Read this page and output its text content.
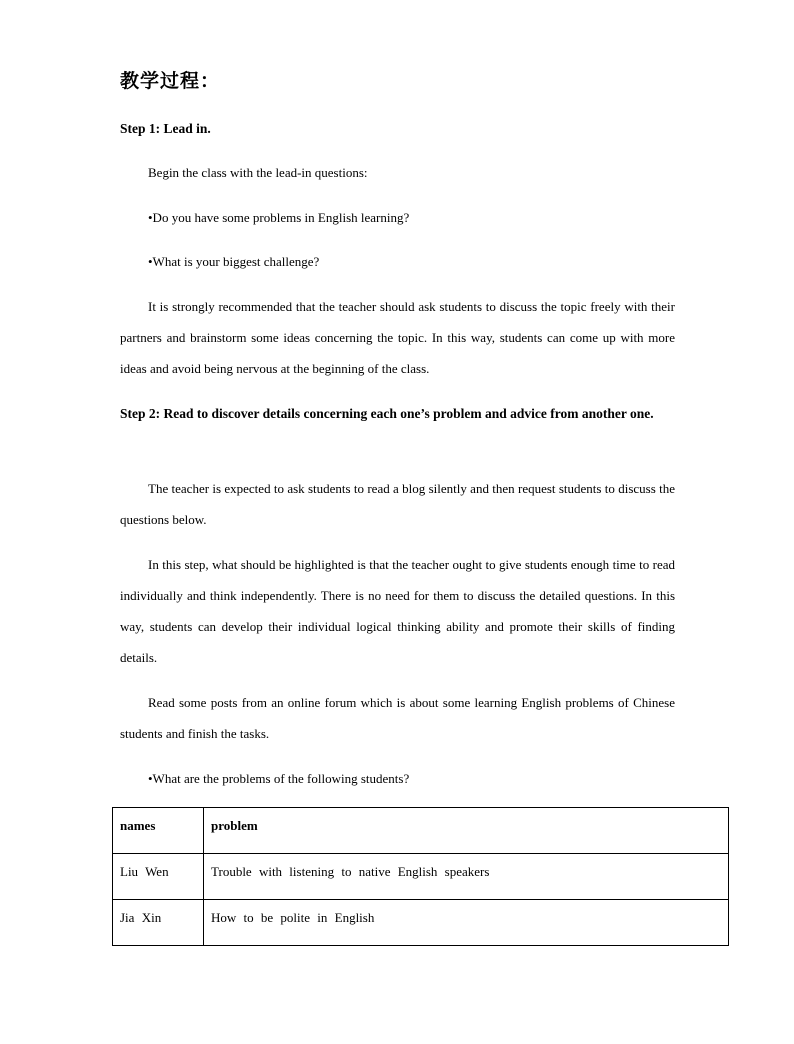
教学过程：
Step 1: Lead in.
Begin the class with the lead-in questions:
•Do you have some problems in English learning?
•What is your biggest challenge?
It is strongly recommended that the teacher should ask students to discuss the topic freely with their partners and brainstorm some ideas concerning the topic. In this way, students can come up with more ideas and avoid being nervous at the beginning of the class.
Step 2: Read to discover details concerning each one’s problem and advice from another one.
The teacher is expected to ask students to read a blog silently and then request students to discuss the questions below.
In this step, what should be highlighted is that the teacher ought to give students enough time to read individually and think independently. There is no need for them to discuss the detailed questions. In this way, students can develop their individual logical thinking ability and promote their skills of finding details.
Read some posts from an online forum which is about some learning English problems of Chinese students and finish the tasks.
•What are the problems of the following students?
names	problem

Liu Wen	Trouble with listening to native English speakers

Jia Xin	How to be polite in English
